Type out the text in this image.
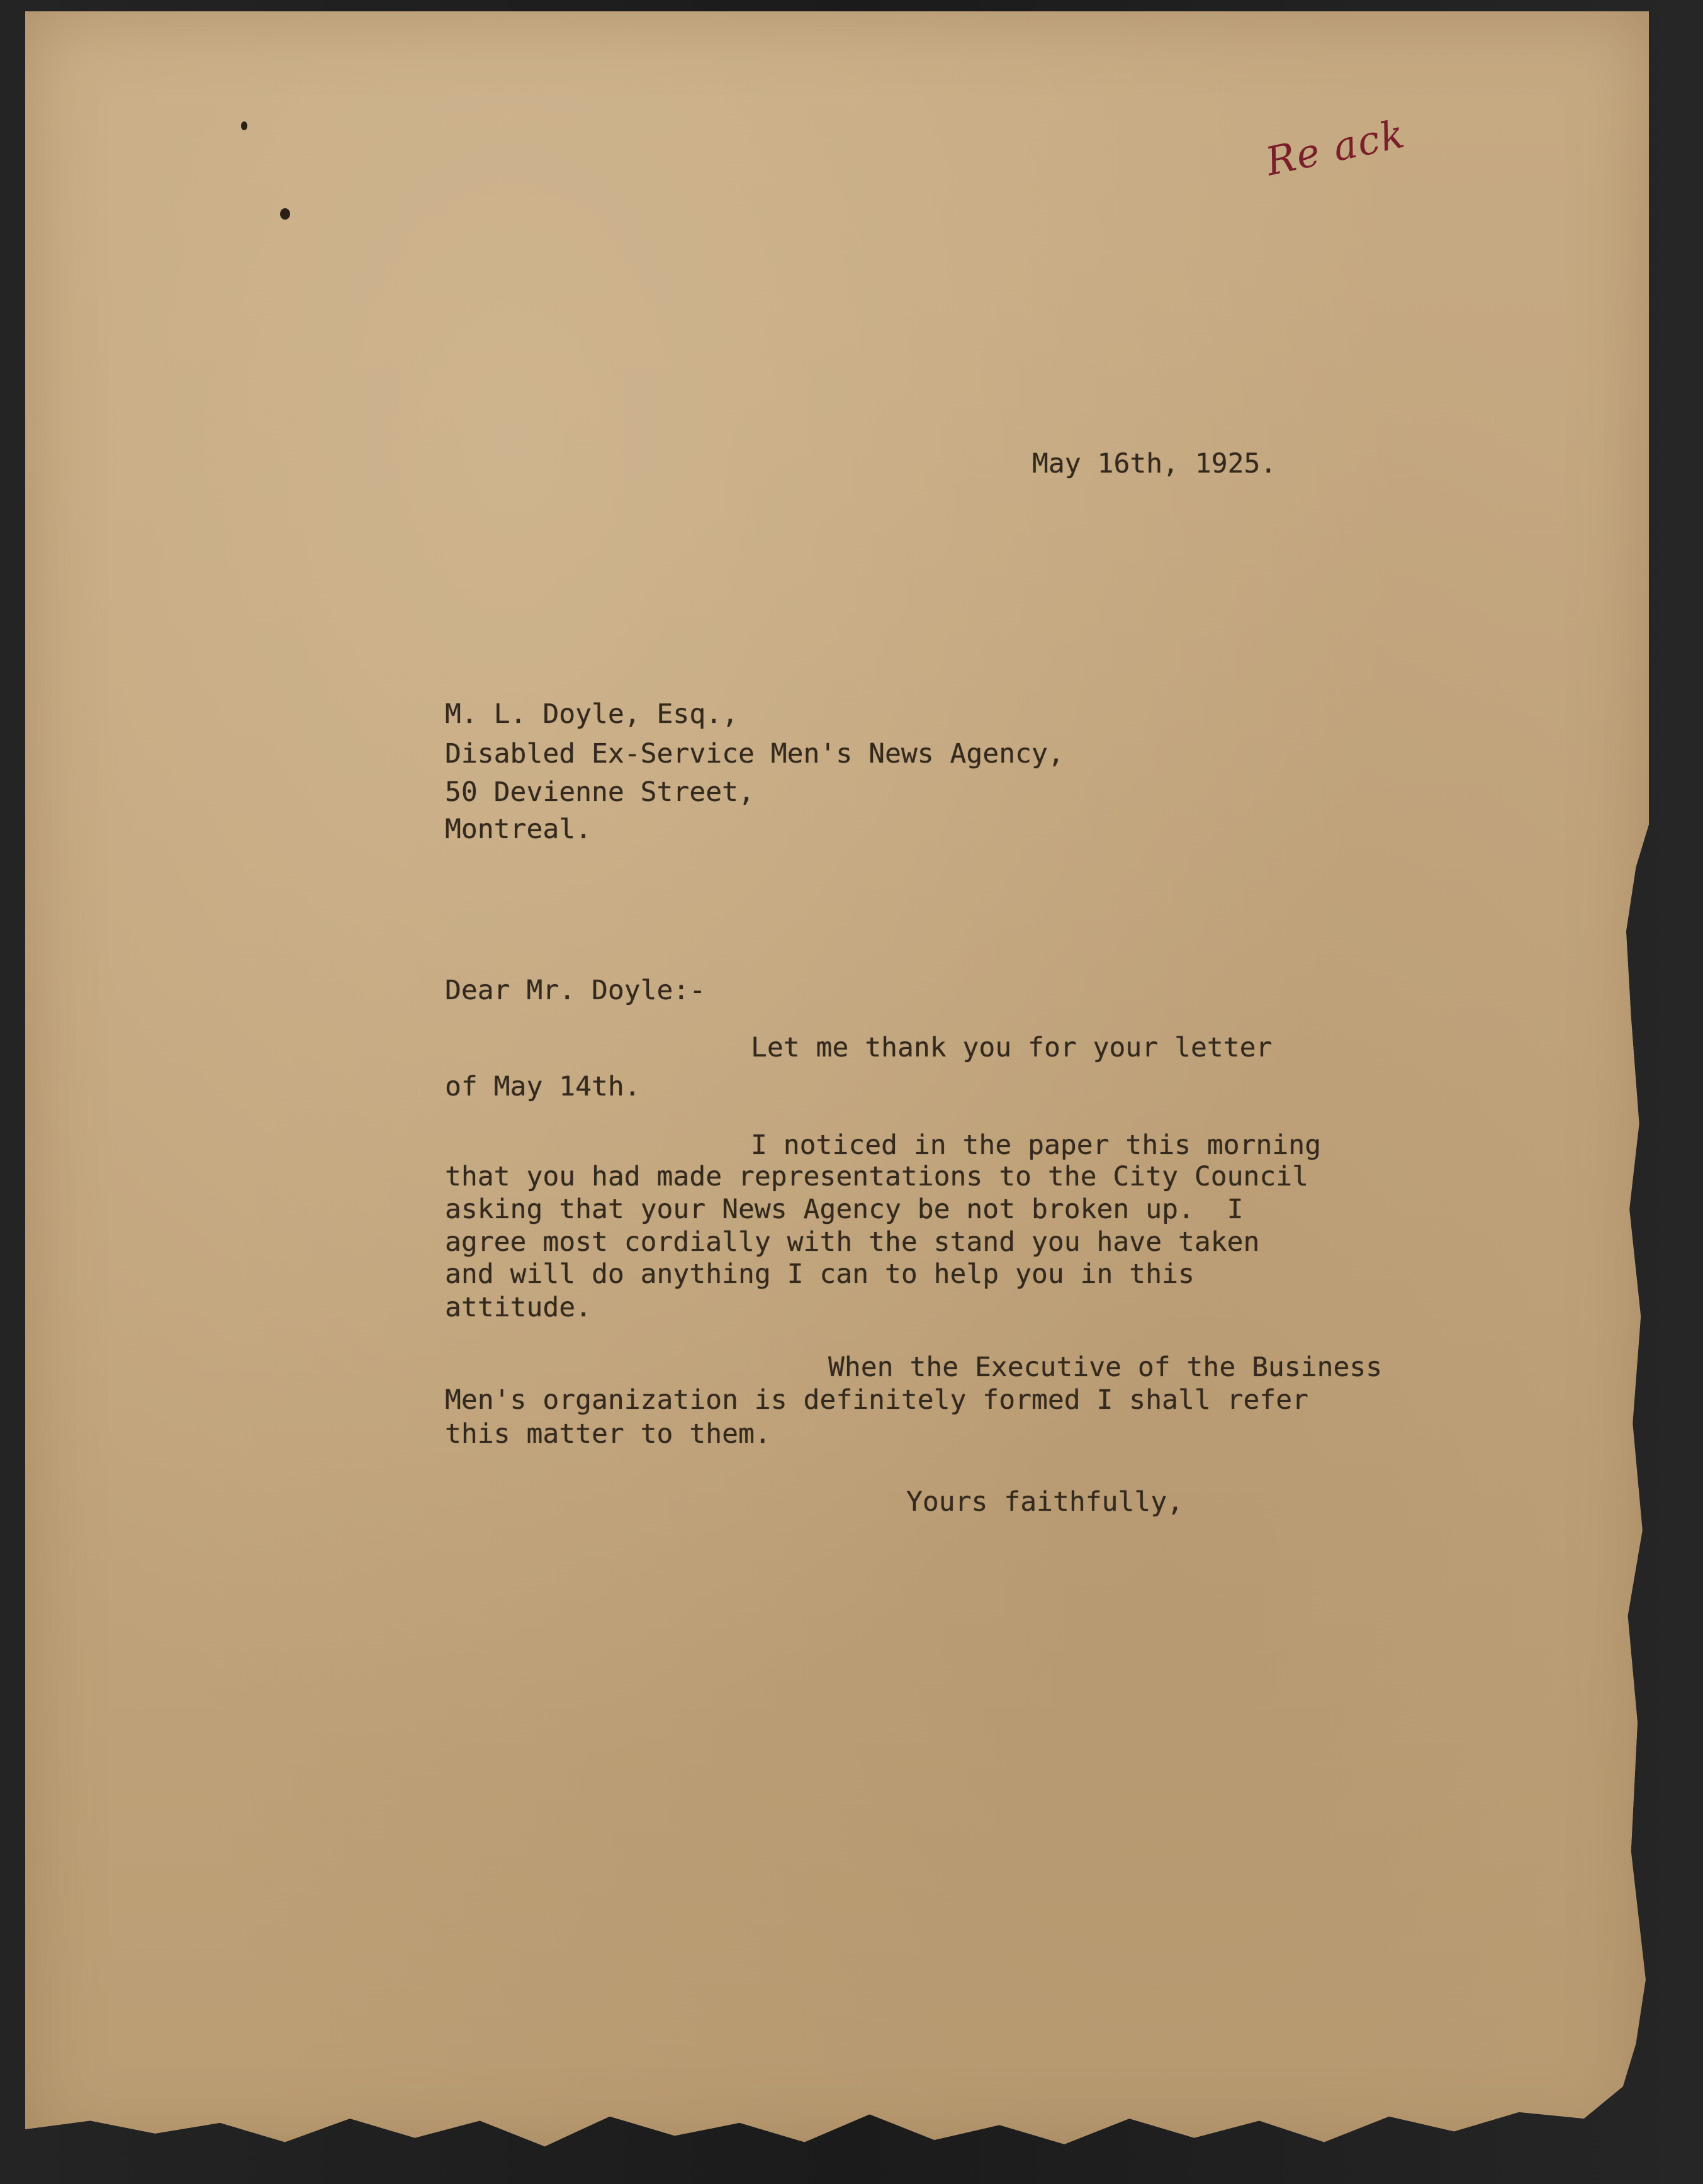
Re ack
May 16th, 1925.
M. L. Doyle, Esq.,
Disabled Ex-Service Men's News Agency,
50 Devienne Street,
Montreal.
Dear Mr. Doyle:-
Let me thank you for your letter
of May 14th.
I noticed in the paper this morning
that you had made representations to the City Council
asking that your News Agency be not broken up.  I
agree most cordially with the stand you have taken
and will do anything I can to help you in this
attitude.
When the Executive of the Business
Men's organization is definitely formed I shall refer
this matter to them.
Yours faithfully,
